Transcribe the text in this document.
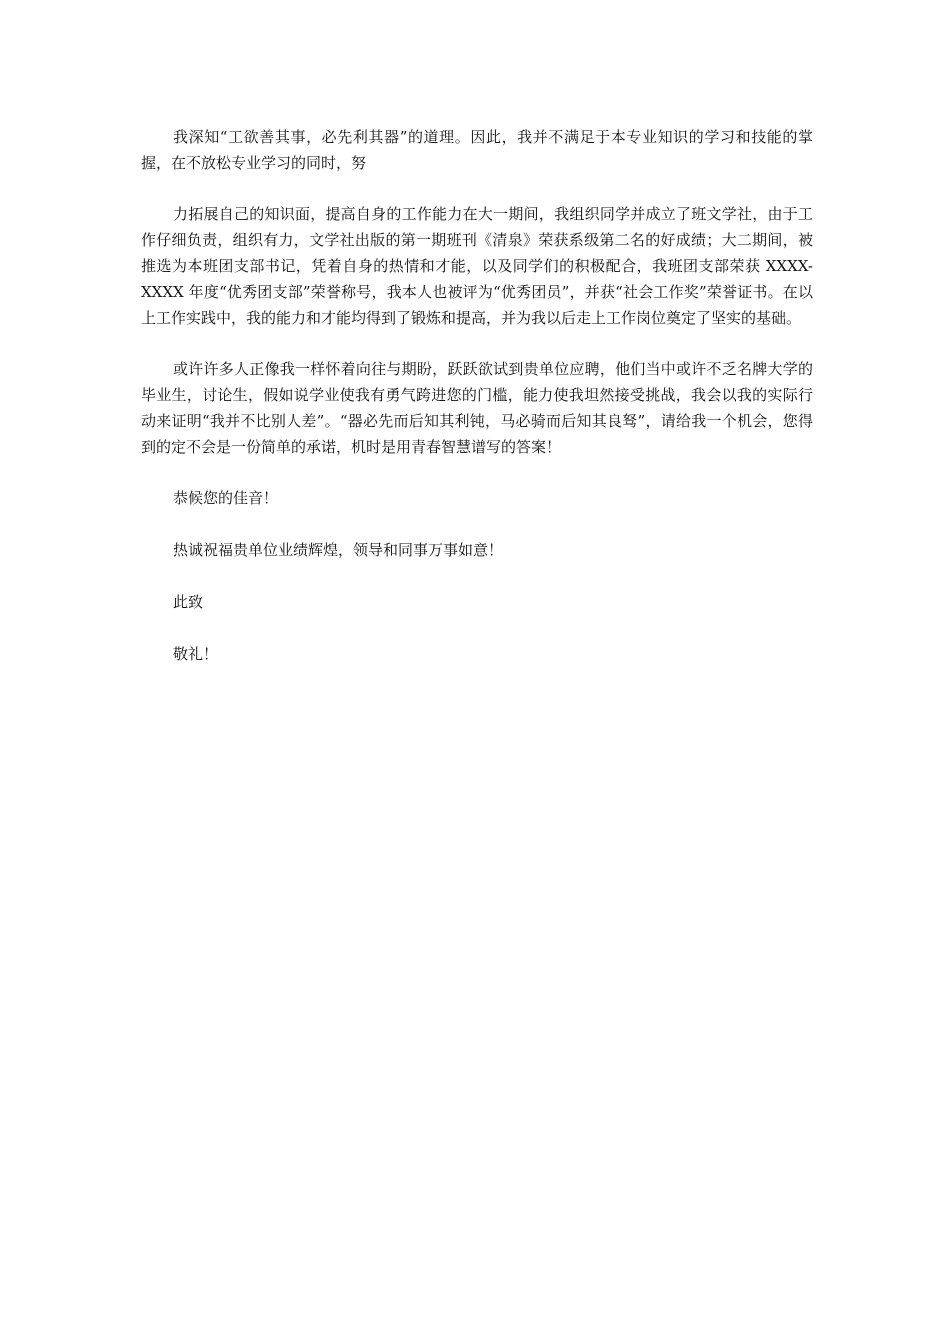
我深知“工欲善其事，必先利其器”的道理。因此，我并不满足于本专业知识的学习和技能的掌握，在不放松专业学习的同时，努

力拓展自己的知识面，提高自身的工作能力在大一期间，我组织同学并成立了班文学社，由于工作仔细负责，组织有力，文学社出版的第一期班刊《清泉》荣获系级第二名的好成绩；大二期间，被推选为本班团支部书记，凭着自身的热情和才能，以及同学们的积极配合，我班团支部荣获 XXXX-XXXX 年度“优秀团支部”荣誉称号，我本人也被评为“优秀团员”，并获“社会工作奖”荣誉证书。在以上工作实践中，我的能力和才能均得到了锻炼和提高，并为我以后走上工作岗位奠定了坚实的基础。

或许许多人正像我一样怀着向往与期盼，跃跃欲试到贵单位应聘，他们当中或许不乏名牌大学的毕业生，讨论生，假如说学业使我有勇气跨进您的门槛，能力使我坦然接受挑战，我会以我的实际行动来证明“我并不比别人差”。“器必先而后知其利钝，马必骑而后知其良驽”，请给我一个机会，您得到的定不会是一份简单的承诺，机时是用青春智慧谱写的答案！

恭候您的佳音！

热诚祝福贵单位业绩辉煌，领导和同事万事如意！

此致

敬礼！
